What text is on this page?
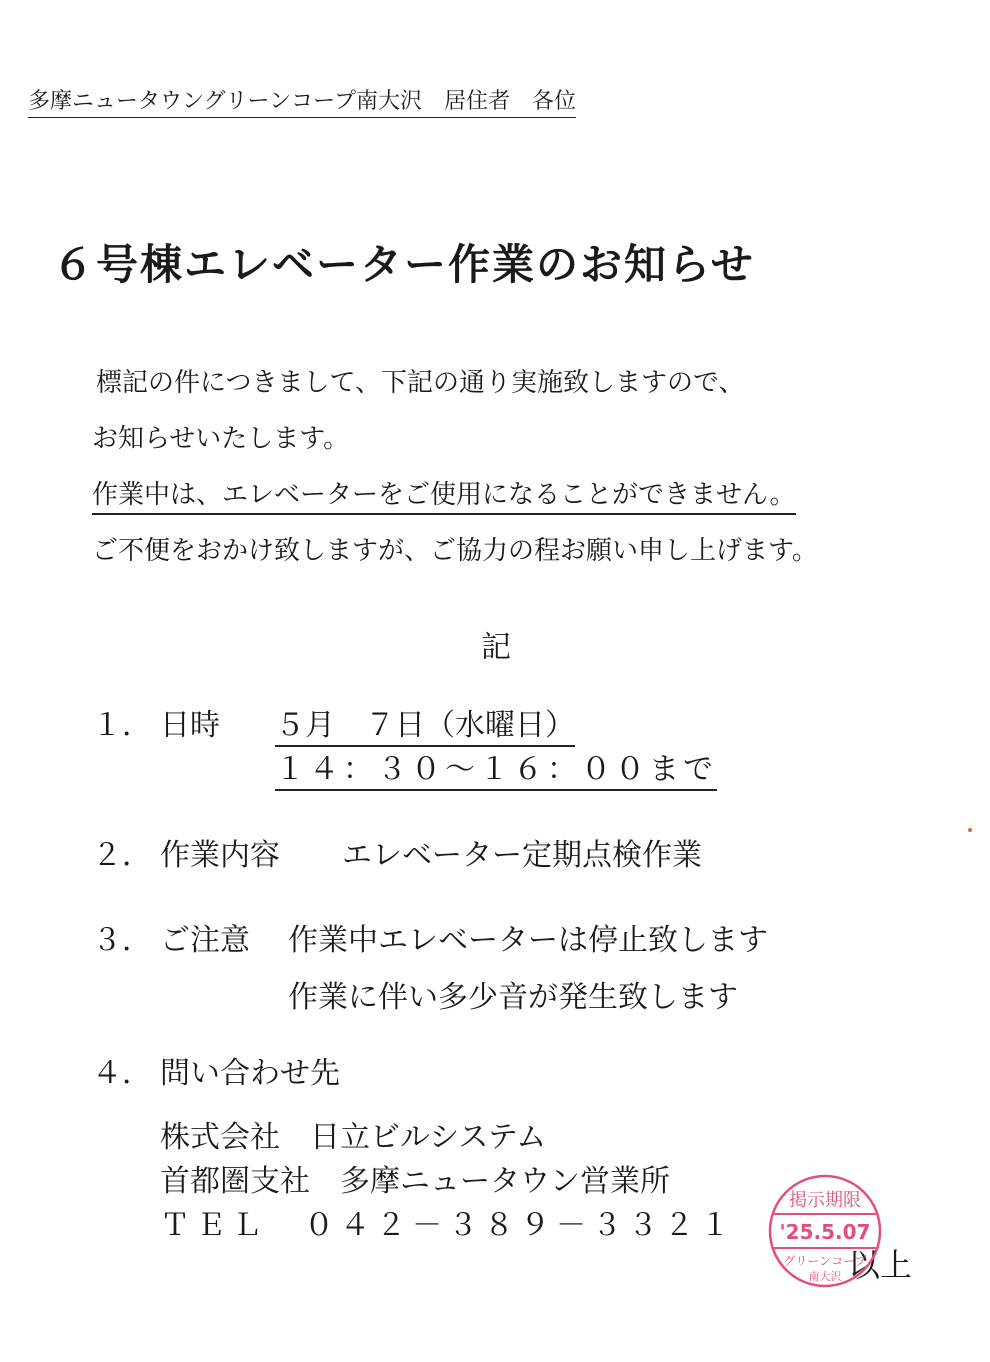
多摩ニュータウングリーンコープ南大沢　居住者　各位
６号棟エレベーター作業のお知らせ
標記の件につきまして、下記の通り実施致しますので、
お知らせいたします。
作業中は、エレベーターをご使用になることができません。
ご不便をおかけ致しますが、ご協力の程お願い申し上げます。
記
１． 日時 ５月　７日（水曜日）
１４：３０～１６：００まで
２． 作業内容 エレベーター定期点検作業
３． ご注意 作業中エレベーターは停止致します
作業に伴い多少音が発生致します
４． 問い合わせ先
株式会社　日立ビルシステム
首都圏支社　多摩ニュータウン営業所
ＴＥＬ　０４２－３８９－３３２１
以上
掲示期限
'25.5.07
グリーンコープ
南大沢
